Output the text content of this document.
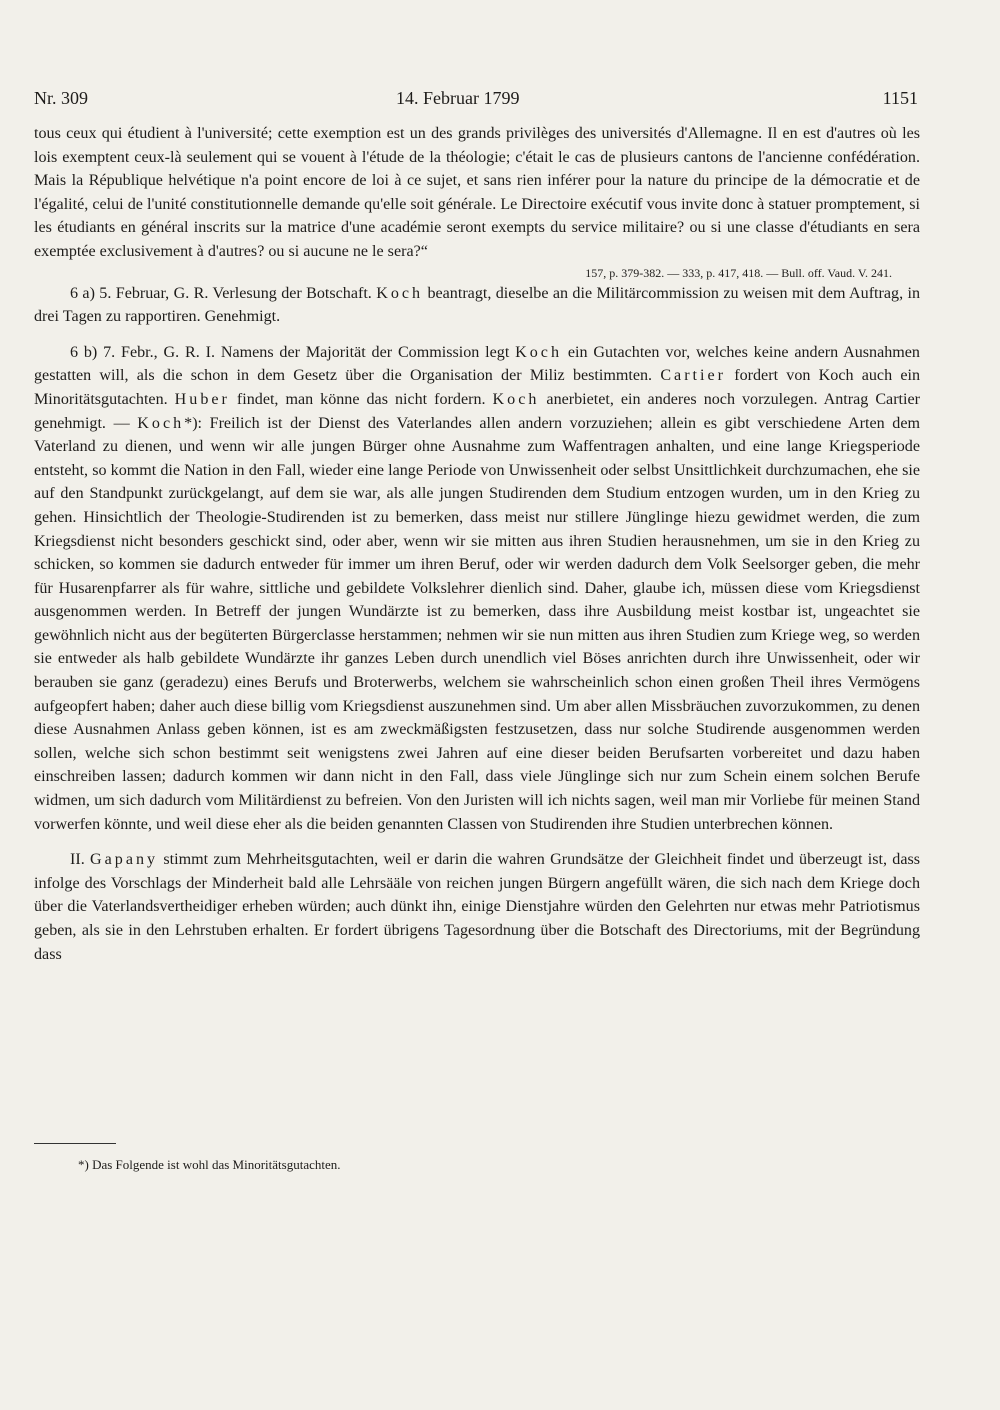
Nr. 309	14. Februar 1799	1151

tous ceux qui étudient à l'université; cette exemption est un des grands privilèges des universités d'Allemagne. Il en est d'autres où les lois exemptent ceux-là seulement qui se vouent à l'étude de la théologie; c'était le cas de plusieurs cantons de l'ancienne confédération. Mais la République helvétique n'a point encore de loi à ce sujet, et sans rien inférer pour la nature du principe de la démocratie et de l'égalité, celui de l'unité constitutionnelle demande qu'elle soit générale. Le Directoire exécutif vous invite donc à statuer promptement, si les étudiants en général inscrits sur la matrice d'une académie seront exempts du service militaire? ou si une classe d'étudiants en sera exemptée exclusivement à d'autres? ou si aucune ne le sera?“

157, p. 379-382. — 333, p. 417, 418. — Bull. off. Vaud. V. 241.

6 a) 5. Februar, G. R. Verlesung der Botschaft. Koch beantragt, dieselbe an die Militärcommission zu weisen mit dem Auftrag, in drei Tagen zu rapportiren. Genehmigt.

6 b) 7. Febr., G. R. I. Namens der Majorität der Commission legt Koch ein Gutachten vor, welches keine andern Ausnahmen gestatten will, als die schon in dem Gesetz über die Organisation der Miliz bestimmten. Cartier fordert von Koch auch ein Minoritätsgutachten. Huber findet, man könne das nicht fordern. Koch anerbietet, ein anderes noch vorzulegen. Antrag Cartier genehmigt. — Koch*): Freilich ist der Dienst des Vaterlandes allen andern vorzuziehen; allein es gibt verschiedene Arten dem Vaterland zu dienen, und wenn wir alle jungen Bürger ohne Ausnahme zum Waffentragen anhalten, und eine lange Kriegsperiode entsteht, so kommt die Nation in den Fall, wieder eine lange Periode von Unwissenheit oder selbst Unsittlichkeit durchzumachen, ehe sie auf den Standpunkt zurückgelangt, auf dem sie war, als alle jungen Studirenden dem Studium entzogen wurden, um in den Krieg zu gehen. Hinsichtlich der Theologie-Studirenden ist zu bemerken, dass meist nur stillere Jünglinge hiezu gewidmet werden, die zum Kriegsdienst nicht besonders geschickt sind, oder aber, wenn wir sie mitten aus ihren Studien herausnehmen, um sie in den Krieg zu schicken, so kommen sie dadurch entweder für immer um ihren Beruf, oder wir werden dadurch dem Volk Seelsorger geben, die mehr für Husarenpfarrer als für wahre, sittliche und gebildete Volkslehrer dienlich sind. Daher, glaube ich, müssen diese vom Kriegsdienst ausgenommen werden. In Betreff der jungen Wundärzte ist zu bemerken, dass ihre Ausbildung meist kostbar ist, ungeachtet sie gewöhnlich nicht aus der begüterten Bürgerclasse herstammen; nehmen wir sie nun mitten aus ihren Studien zum Kriege weg, so werden sie entweder als halb gebildete Wundärzte ihr ganzes Leben durch unendlich viel Böses anrichten durch ihre Unwissenheit, oder wir berauben sie ganz (geradezu) eines Berufs und Broterwerbs, welchem sie wahrscheinlich schon einen großen Theil ihres Vermögens aufgeopfert haben; daher auch diese billig vom Kriegsdienst auszunehmen sind. Um aber allen Missbräuchen zuvorzukommen, zu denen diese Ausnahmen Anlass geben können, ist es am zweckmäßigsten festzusetzen, dass nur solche Studirende ausgenommen werden sollen, welche sich schon bestimmt seit wenigstens zwei Jahren auf eine dieser beiden Berufsarten vorbereitet und dazu haben einschreiben lassen; dadurch kommen wir dann nicht in den Fall, dass viele Jünglinge sich nur zum Schein einem solchen Berufe widmen, um sich dadurch vom Militärdienst zu befreien. Von den Juristen will ich nichts sagen, weil man mir Vorliebe für meinen Stand vorwerfen könnte, und weil diese eher als die beiden genannten Classen von Studirenden ihre Studien unterbrechen können.

II. Gapany stimmt zum Mehrheitsgutachten, weil er darin die wahren Grundsätze der Gleichheit findet und überzeugt ist, dass infolge des Vorschlags der Minderheit bald alle Lehrsääle von reichen jungen Bürgern angefüllt wären, die sich nach dem Kriege doch über die Vaterlandsvertheidiger erheben würden; auch dünkt ihn, einige Dienstjahre würden den Gelehrten nur etwas mehr Patriotismus geben, als sie in den Lehrstuben erhalten. Er fordert übrigens Tagesordnung über die Botschaft des Directoriums, mit der Begründung dass

*) Das Folgende ist wohl das Minoritätsgutachten.
